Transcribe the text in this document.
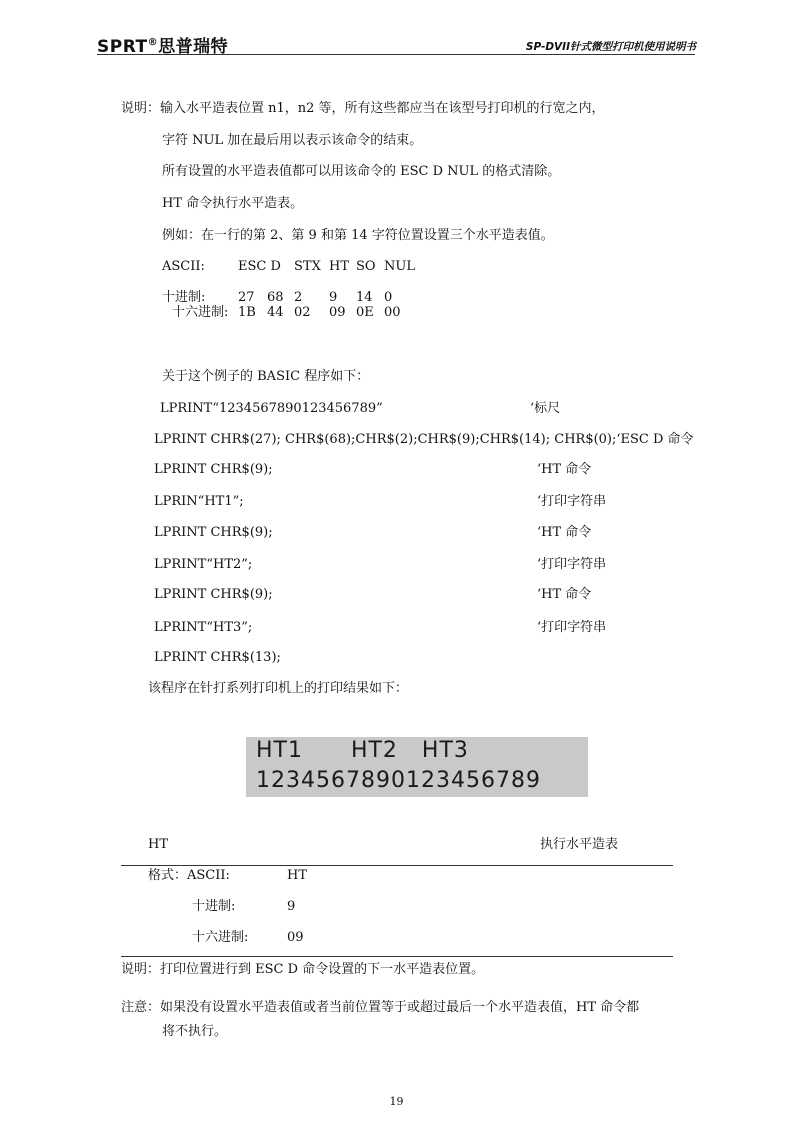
SPRT®思普瑞特	SP-DVII针式微型打印机使用说明书
说明： 输入水平造表位置 n1，n2 等，所有这些都应当在该型号打印机的行宽之内，
字符 NUL 加在最后用以表示该命令的结束。
所有设置的水平造表值都可以用该命令的 ESC D NUL 的格式清除。
HT 命令执行水平造表。
例如：在一行的第 2、第 9 和第 14 字符位置设置三个水平造表值。
ASCII:	ESC D STX HT SO NUL
十进制:	27 68 2 9 14 0
十六进制: 1B 44 02 09 0E 00
关于这个例子的 BASIC 程序如下：
LPRINT“1234567890123456789”	‘标尺
LPRINT CHR$(27); CHR$(68);CHR$(2);CHR$(9);CHR$(14); CHR$(0);‘ESC D 命令
LPRINT CHR$(9);	‘HT 命令
LPRIN“HT1”;	‘打印字符串
LPRINT CHR$(9);	‘HT 命令
LPRINT“HT2”;	‘打印字符串
LPRINT CHR$(9);	‘HT 命令
LPRINT“HT3”;	‘打印字符串
LPRINT CHR$(13);
该程序在针打系列打印机上的打印结果如下：
HT1      HT2   HT3
1234567890123456789
HT	执行水平造表
格式：ASCII:	HT
十进制:	9
十六进制:	09
说明： 打印位置进行到 ESC D 命令设置的下一水平造表位置。
注意： 如果没有设置水平造表值或者当前位置等于或超过最后一个水平造表值，HT 命令都
将不执行。
19
